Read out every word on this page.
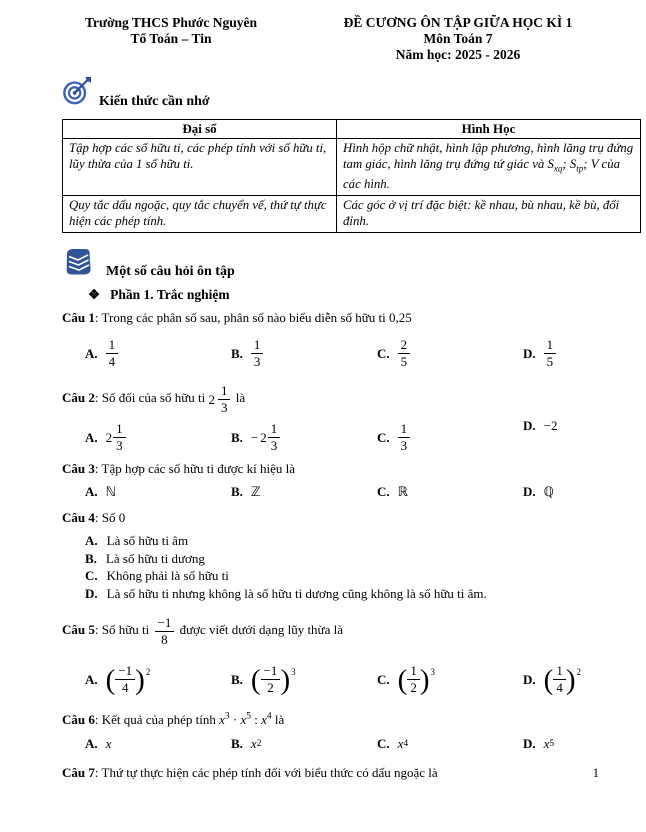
Trường THCS Phước Nguyên
Tổ Toán – Tin
ĐỀ CƯƠNG ÔN TẬP GIỮA HỌC KÌ 1
Môn Toán 7
Năm học: 2025 - 2026
Kiến thức cần nhớ
Đại số	Hình Học
Tập hợp các số hữu ti, các phép tính với số hữu ti, lũy thừa của 1 số hữu ti.	Hình hộp chữ nhật, hình lập phương, hình lăng trụ đứng tam giác, hình lăng trụ đứng tứ giác và $S_{xq}$; $S_{tp}$; V của các hình.
Quy tắc dấu ngoặc, quy tắc chuyển vế, thứ tự thực hiện các phép tính.	Các góc ở vị trí đặc biệt: kề nhau, bù nhau, kề bù, đối đỉnh.
Một số câu hỏi ôn tập
❖ Phần 1. Trắc nghiệm
Câu 1: Trong các phân số sau, phân số nào biểu diễn số hữu ti 0,25
A. $\frac{1}{4}$	B. $\frac{1}{3}$	C. $\frac{2}{5}$	D. $\frac{1}{5}$
Câu 2: Số đối của số hữu ti $2 \frac{1}{3}$ là
A. $2 \frac{1}{3}$	B. − $2 \frac{1}{3}$	C. $\frac{1}{3}$	D. −2
Câu 3: Tập hợp các số hữu ti được kí hiệu là
A. ℕ	B. ℤ	C. ℝ	D. ℚ
Câu 4: Số 0
A. Là số hữu ti âm
B. Là số hữu ti dương
C. Không phải là số hữu ti
D. Là số hữu ti nhưng không là số hữu ti dương cũng không là số hữu ti âm.
Câu 5: Số hữu ti $\frac{-1}{8}$ được viết dưới dạng lũy thừa là
A. ( $\frac{-1}{4}$ ) 2	B. ( $\frac{-1}{2}$ ) 3	C. ( $\frac{1}{2}$ ) 3	D. ( $\frac{1}{4}$ ) 2
Câu 6: Kết quả của phép tính $x^3 \cdot x^5$ : $x^4$ là
A. x	B. x 2	C. x 4	D. x 5
Câu 7: Thứ tự thực hiện các phép tính đối với biểu thức có dấu ngoặc là	1
